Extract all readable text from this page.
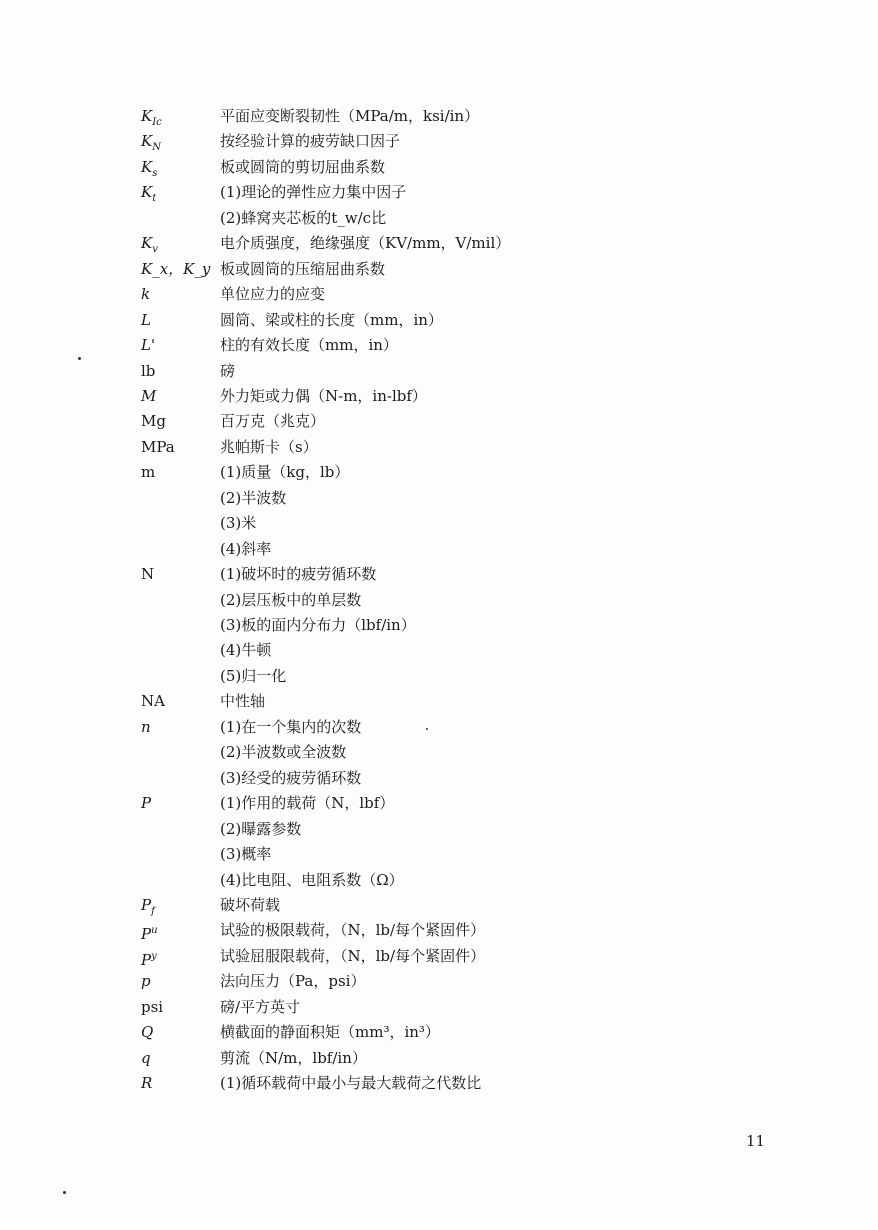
$K_{Ic}$	平面应变断裂韧性（MPa/m，ksi/in）
$K_N$	按经验计算的疲劳缺口因子
$K_s$	板或圆筒的剪切屈曲系数
$K_t$	(1)理论的弹性应力集中因子
(2)蜂窝夹芯板的t_w/c比
$K_v$	电介质强度，绝缘强度（KV/mm，V/mil）
K_x，K_y 板或圆筒的压缩屈曲系数
k	单位应力的应变
L	圆筒、梁或柱的长度（mm，in）
L'	柱的有效长度（mm，in）
lb	磅
M	外力矩或力偶（N-m，in-lbf）
Mg	百万克（兆克）
MPa	兆帕斯卡（s）
m	(1)质量（kg，lb）
(2)半波数
(3)米
(4)斜率
N	(1)破坏时的疲劳循环数
(2)层压板中的单层数
(3)板的面内分布力（lbf/in）
(4)牛顿
(5)归一化
NA	中性轴
n	(1)在一个集内的次数
(2)半波数或全波数
(3)经受的疲劳循环数
P	(1)作用的载荷（N，lbf）
(2)曝露参数
(3)概率
(4)比电阻、电阻系数（Ω）
$P_f$	破坏荷载
$P^u$	试验的极限载荷，（N，lb/每个紧固件）
$P^y$	试验屈服限载荷，（N，lb/每个紧固件）
p	法向压力（Pa，psi）
psi	磅/平方英寸
Q	横截面的静面积矩（mm³，in³）
q	剪流（N/m，lbf/in）
R	(1)循环载荷中最小与最大载荷之代数比
11
